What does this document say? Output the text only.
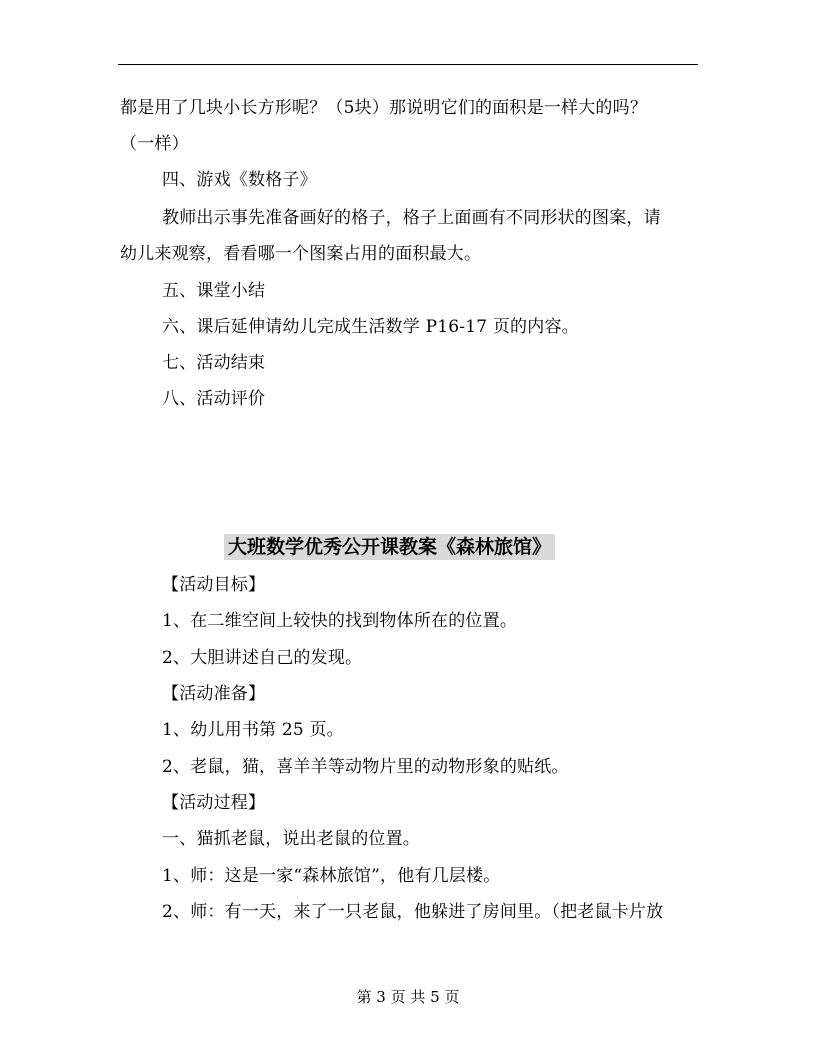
都是用了几块小长方形呢？（5块）那说明它们的面积是一样大的吗？
（一样）
四、游戏《数格子》
教师出示事先准备画好的格子，格子上面画有不同形状的图案，请
幼儿来观察，看看哪一个图案占用的面积最大。
五、课堂小结
六、课后延伸请幼儿完成生活数学 P16-17 页的内容。
七、活动结束
八、活动评价
大班数学优秀公开课教案《森林旅馆》
【活动目标】
1、在二维空间上较快的找到物体所在的位置。
2、大胆讲述自己的发现。
【活动准备】
1、幼儿用书第 25 页。
2、老鼠，猫，喜羊羊等动物片里的动物形象的贴纸。
【活动过程】
一、猫抓老鼠，说出老鼠的位置。
1、师：这是一家“森林旅馆”，他有几层楼。
2、师：有一天，来了一只老鼠，他躲进了房间里。（把老鼠卡片放
第 3 页 共 5 页
